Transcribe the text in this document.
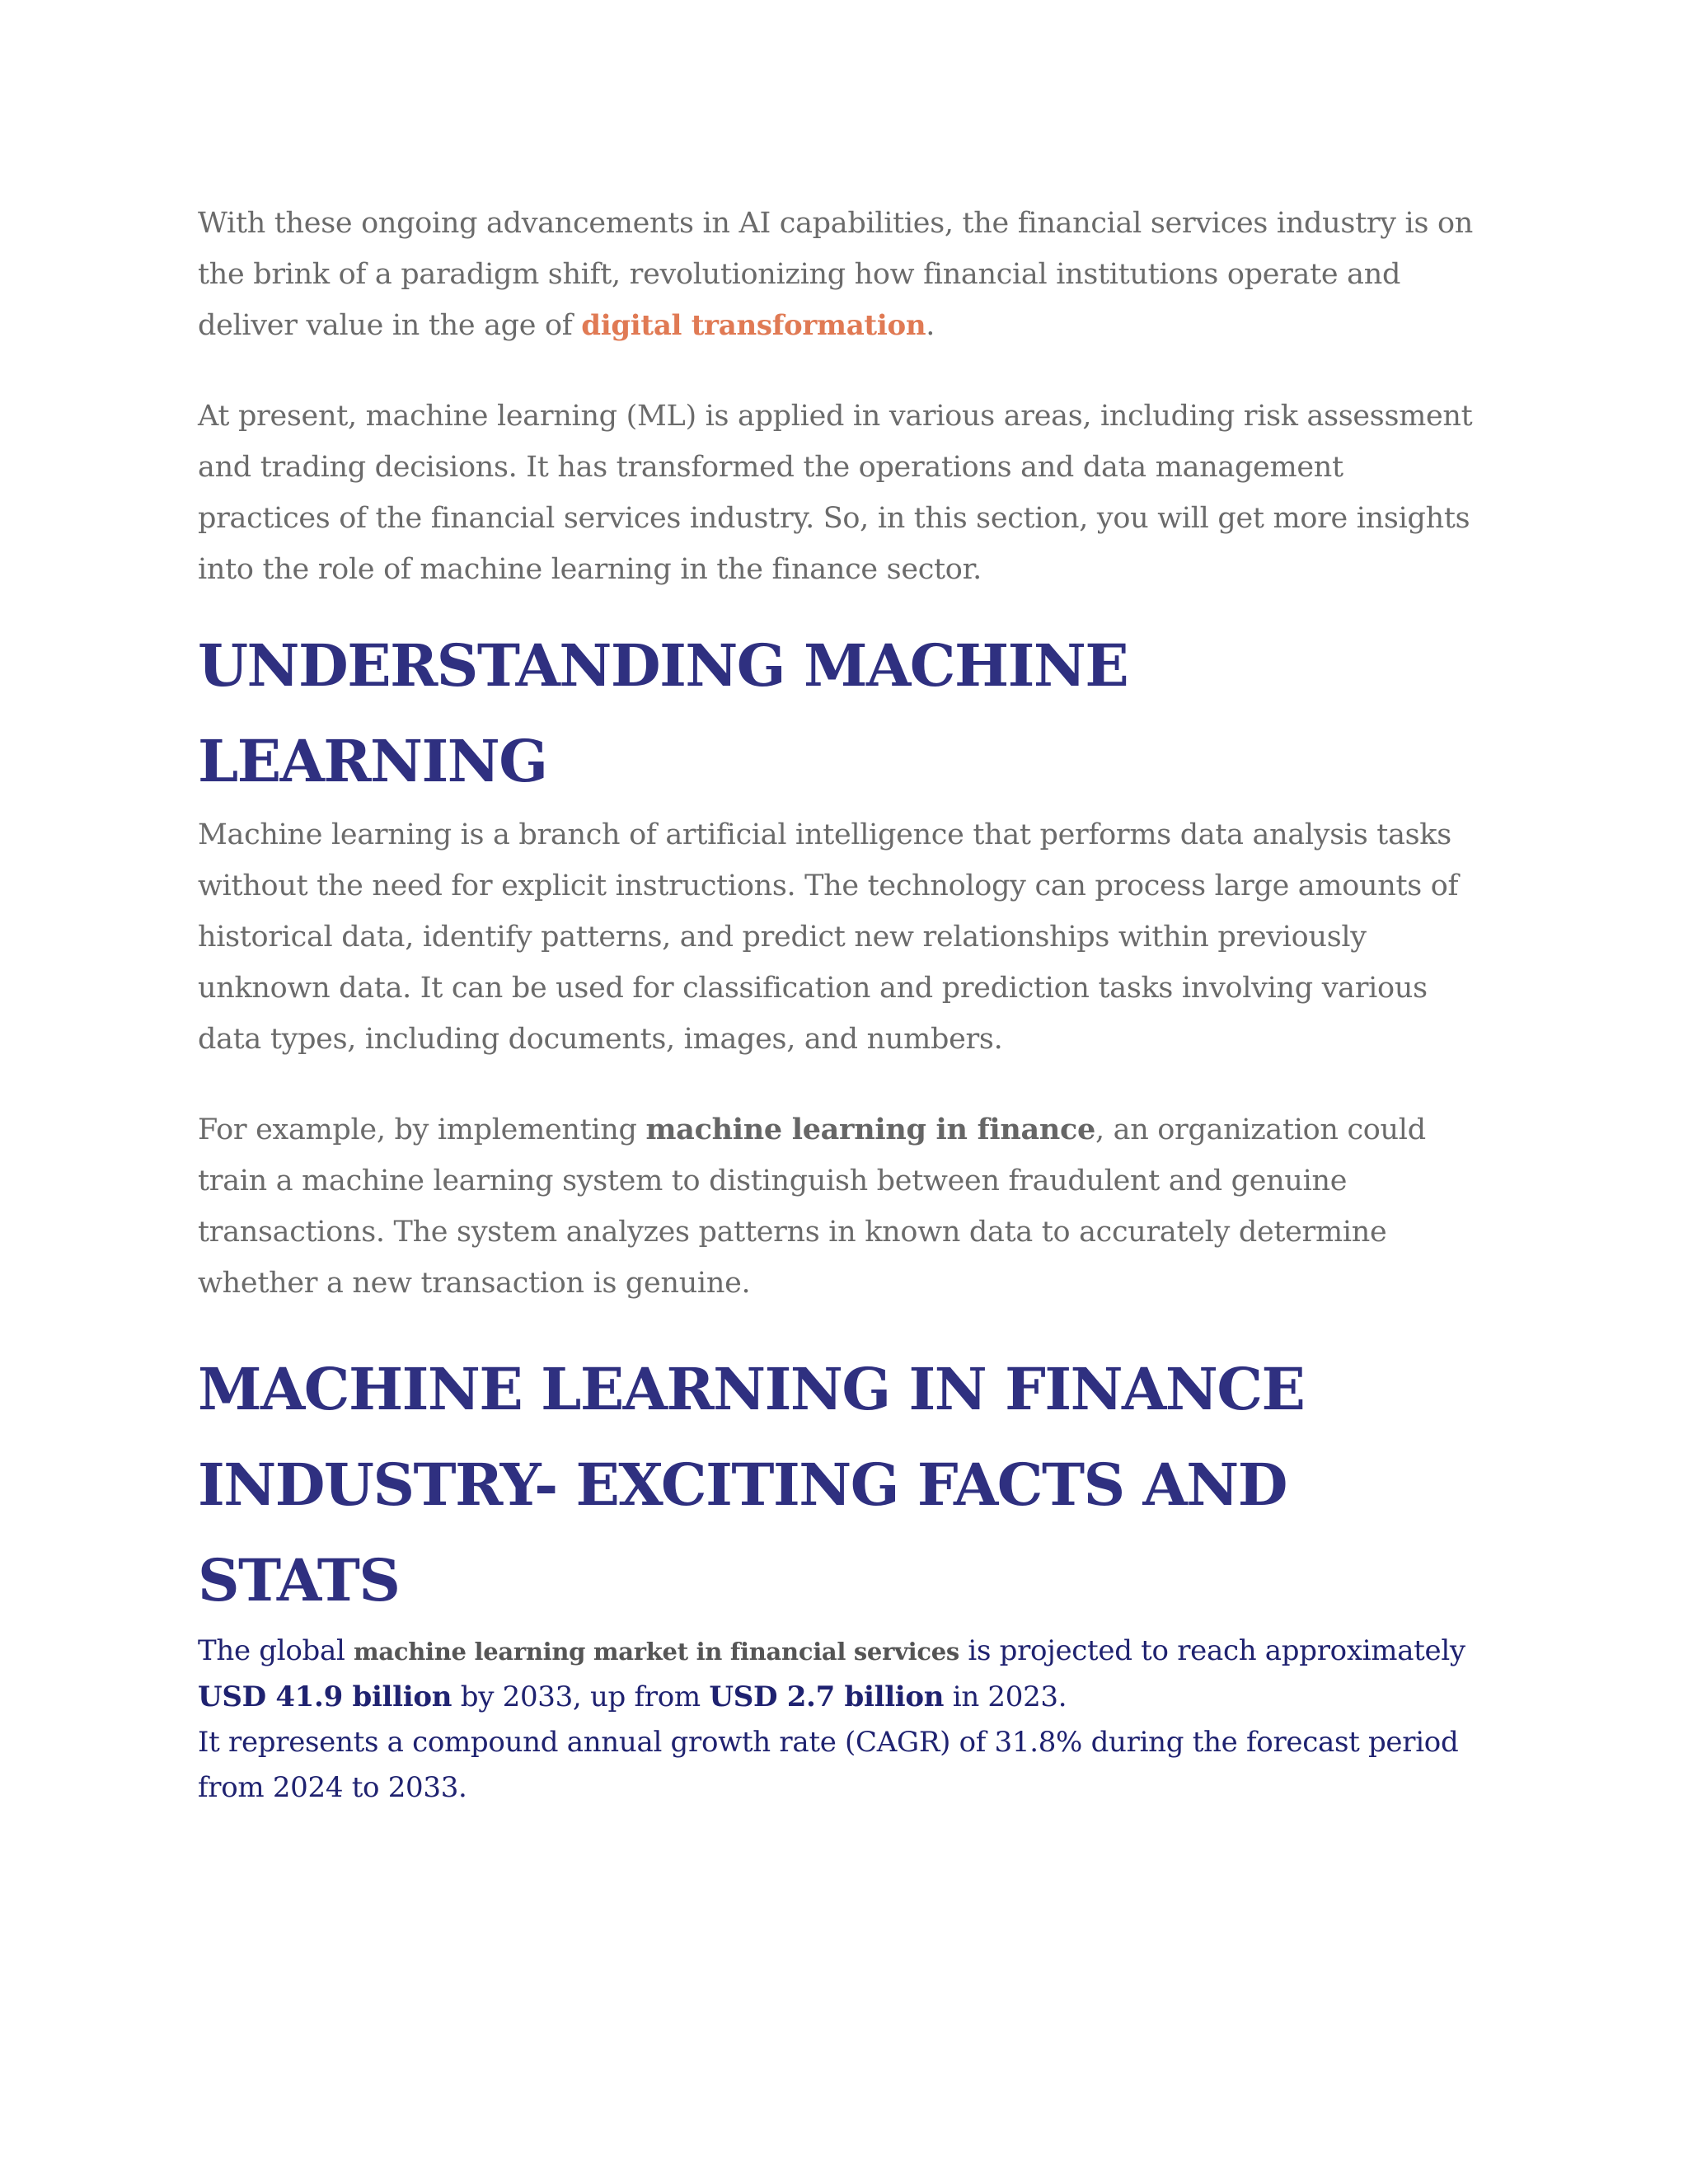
With these ongoing advancements in AI capabilities, the financial services industry is on the brink of a paradigm shift, revolutionizing how financial institutions operate and deliver value in the age of digital transformation.

At present, machine learning (ML) is applied in various areas, including risk assessment and trading decisions. It has transformed the operations and data management practices of the financial services industry. So, in this section, you will get more insights into the role of machine learning in the finance sector.

UNDERSTANDING MACHINE LEARNING

Machine learning is a branch of artificial intelligence that performs data analysis tasks without the need for explicit instructions. The technology can process large amounts of historical data, identify patterns, and predict new relationships within previously unknown data. It can be used for classification and prediction tasks involving various data types, including documents, images, and numbers.

For example, by implementing machine learning in finance, an organization could train a machine learning system to distinguish between fraudulent and genuine transactions. The system analyzes patterns in known data to accurately determine whether a new transaction is genuine.

MACHINE LEARNING IN FINANCE INDUSTRY- EXCITING FACTS AND STATS

The global machine learning market in financial services is projected to reach approximately USD 41.9 billion by 2033, up from USD 2.7 billion in 2023.
It represents a compound annual growth rate (CAGR) of 31.8% during the forecast period from 2024 to 2033.
